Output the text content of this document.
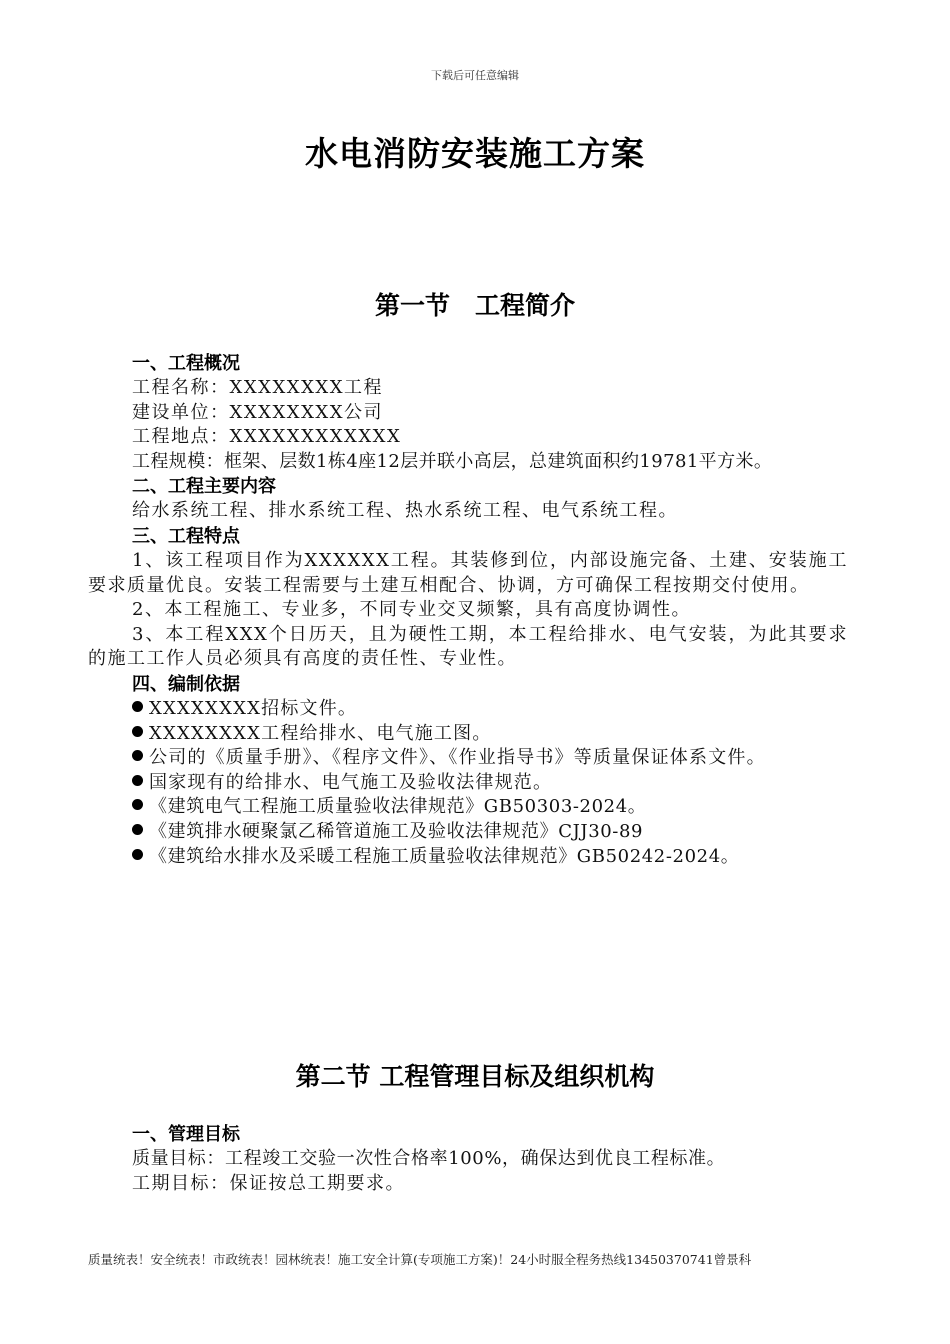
下载后可任意编辑
水电消防安装施工方案
第一节　工程简介
一、工程概况
工程名称：XXXXXXXX工程
建设单位：XXXXXXXX公司
工程地点：XXXXXXXXXXXX
工程规模：框架、层数1栋4座12层并联小高层，总建筑面积约19781平方米。
二、工程主要内容
给水系统工程、排水系统工程、热水系统工程、电气系统工程。
三、工程特点
1、该工程项目作为XXXXXX工程。其装修到位，内部设施完备、土建、安装施工要求质量优良。安装工程需要与土建互相配合、协调，方可确保工程按期交付使用。
2、本工程施工、专业多，不同专业交叉频繁，具有高度协调性。
3、本工程XXX个日历天，且为硬性工期，本工程给排水、电气安装，为此其要求的施工工作人员必须具有高度的责任性、专业性。
四、编制依据
XXXXXXXX招标文件。
XXXXXXXX工程给排水、电气施工图。
公司的《质量手册》、《程序文件》、《作业指导书》等质量保证体系文件。
国家现有的给排水、电气施工及验收法律规范。
《建筑电气工程施工质量验收法律规范》GB50303-2024。
《建筑排水硬聚氯乙稀管道施工及验收法律规范》CJJ30-89
《建筑给水排水及采暖工程施工质量验收法律规范》GB50242-2024。
第二节 工程管理目标及组织机构
一、管理目标
质量目标：工程竣工交验一次性合格率100%，确保达到优良工程标准。
工期目标：保证按总工期要求。
质量统表！安全统表！市政统表！园林统表！施工安全计算(专项施工方案)！24小时服全程务热线13450370741曾景科
